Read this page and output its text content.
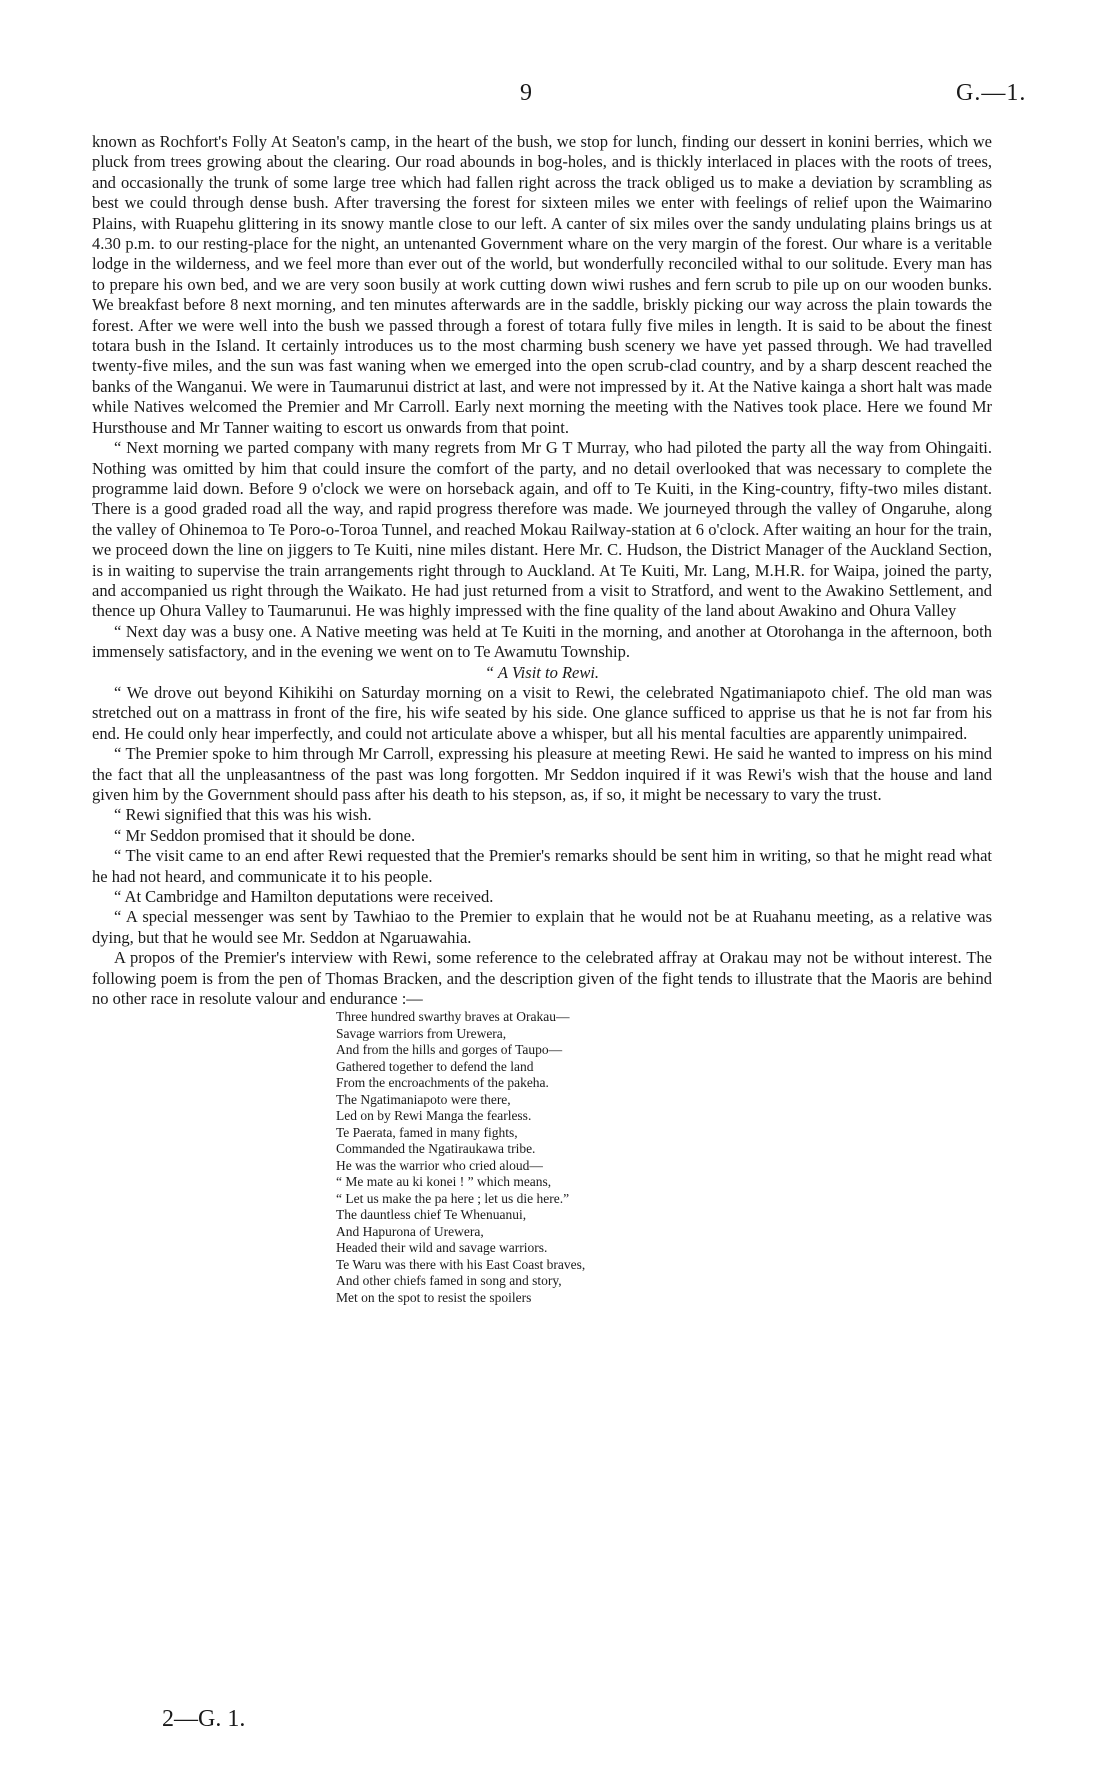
9	G.—1.

known as Rochfort's Folly At Seaton's camp, in the heart of the bush, we stop for lunch, finding our dessert in konini berries, which we pluck from trees growing about the clearing. Our road abounds in bog-holes, and is thickly interlaced in places with the roots of trees, and occasionally the trunk of some large tree which had fallen right across the track obliged us to make a deviation by scrambling as best we could through dense bush. After traversing the forest for sixteen miles we enter with feelings of relief upon the Waimarino Plains, with Ruapehu glittering in its snowy mantle close to our left. A canter of six miles over the sandy undulating plains brings us at 4.30 p.m. to our resting-place for the night, an untenanted Government whare on the very margin of the forest. Our whare is a veritable lodge in the wilderness, and we feel more than ever out of the world, but wonderfully reconciled withal to our solitude. Every man has to prepare his own bed, and we are very soon busily at work cutting down wiwi rushes and fern scrub to pile up on our wooden bunks. We breakfast before 8 next morning, and ten minutes afterwards are in the saddle, briskly picking our way across the plain towards the forest. After we were well into the bush we passed through a forest of totara fully five miles in length. It is said to be about the finest totara bush in the Island. It certainly introduces us to the most charming bush scenery we have yet passed through. We had travelled twenty-five miles, and the sun was fast waning when we emerged into the open scrub-clad country, and by a sharp descent reached the banks of the Wanganui. We were in Taumarunui district at last, and were not impressed by it. At the Native kainga a short halt was made while Natives welcomed the Premier and Mr Carroll. Early next morning the meeting with the Natives took place. Here we found Mr Hursthouse and Mr Tanner waiting to escort us onwards from that point.

“ Next morning we parted company with many regrets from Mr G T Murray, who had piloted the party all the way from Ohingaiti. Nothing was omitted by him that could insure the comfort of the party, and no detail overlooked that was necessary to complete the programme laid down. Before 9 o'clock we were on horseback again, and off to Te Kuiti, in the King-country, fifty-two miles distant. There is a good graded road all the way, and rapid progress therefore was made. We journeyed through the valley of Ongaruhe, along the valley of Ohinemoa to Te Poro-o-Toroa Tunnel, and reached Mokau Railway-station at 6 o'clock. After waiting an hour for the train, we proceed down the line on jiggers to Te Kuiti, nine miles distant. Here Mr. C. Hudson, the District Manager of the Auckland Section, is in waiting to supervise the train arrangements right through to Auckland. At Te Kuiti, Mr. Lang, M.H.R. for Waipa, joined the party, and accompanied us right through the Waikato. He had just returned from a visit to Stratford, and went to the Awakino Settlement, and thence up Ohura Valley to Taumarunui. He was highly impressed with the fine quality of the land about Awakino and Ohura Valley

“ Next day was a busy one. A Native meeting was held at Te Kuiti in the morning, and another at Otorohanga in the afternoon, both immensely satisfactory, and in the evening we went on to Te Awamutu Township.

“ A Visit to Rewi.

“ We drove out beyond Kihikihi on Saturday morning on a visit to Rewi, the celebrated Ngatimaniapoto chief. The old man was stretched out on a mattrass in front of the fire, his wife seated by his side. One glance sufficed to apprise us that he is not far from his end. He could only hear imperfectly, and could not articulate above a whisper, but all his mental faculties are apparently unimpaired.

“ The Premier spoke to him through Mr Carroll, expressing his pleasure at meeting Rewi. He said he wanted to impress on his mind the fact that all the unpleasantness of the past was long forgotten. Mr Seddon inquired if it was Rewi's wish that the house and land given him by the Government should pass after his death to his stepson, as, if so, it might be necessary to vary the trust.

“ Rewi signified that this was his wish.

“ Mr Seddon promised that it should be done.

“ The visit came to an end after Rewi requested that the Premier's remarks should be sent him in writing, so that he might read what he had not heard, and communicate it to his people.

“ At Cambridge and Hamilton deputations were received.

“ A special messenger was sent by Tawhiao to the Premier to explain that he would not be at Ruahanu meeting, as a relative was dying, but that he would see Mr. Seddon at Ngaruawahia.

A propos of the Premier's interview with Rewi, some reference to the celebrated affray at Orakau may not be without interest. The following poem is from the pen of Thomas Bracken, and the description given of the fight tends to illustrate that the Maoris are behind no other race in resolute valour and endurance :—

Three hundred swarthy braves at Orakau—
Savage warriors from Urewera,
And from the hills and gorges of Taupo—
Gathered together to defend the land
From the encroachments of the pakeha.
The Ngatimaniapoto were there,
Led on by Rewi Manga the fearless.
Te Paerata, famed in many fights,
Commanded the Ngatiraukawa tribe.
He was the warrior who cried aloud—
“ Me mate au ki konei ! ” which means,
“ Let us make the pa here ; let us die here.”
The dauntless chief Te Whenuanui,
And Hapurona of Urewera,
Headed their wild and savage warriors.
Te Waru was there with his East Coast braves,
And other chiefs famed in song and story,
Met on the spot to resist the spoilers
2—G. 1.
